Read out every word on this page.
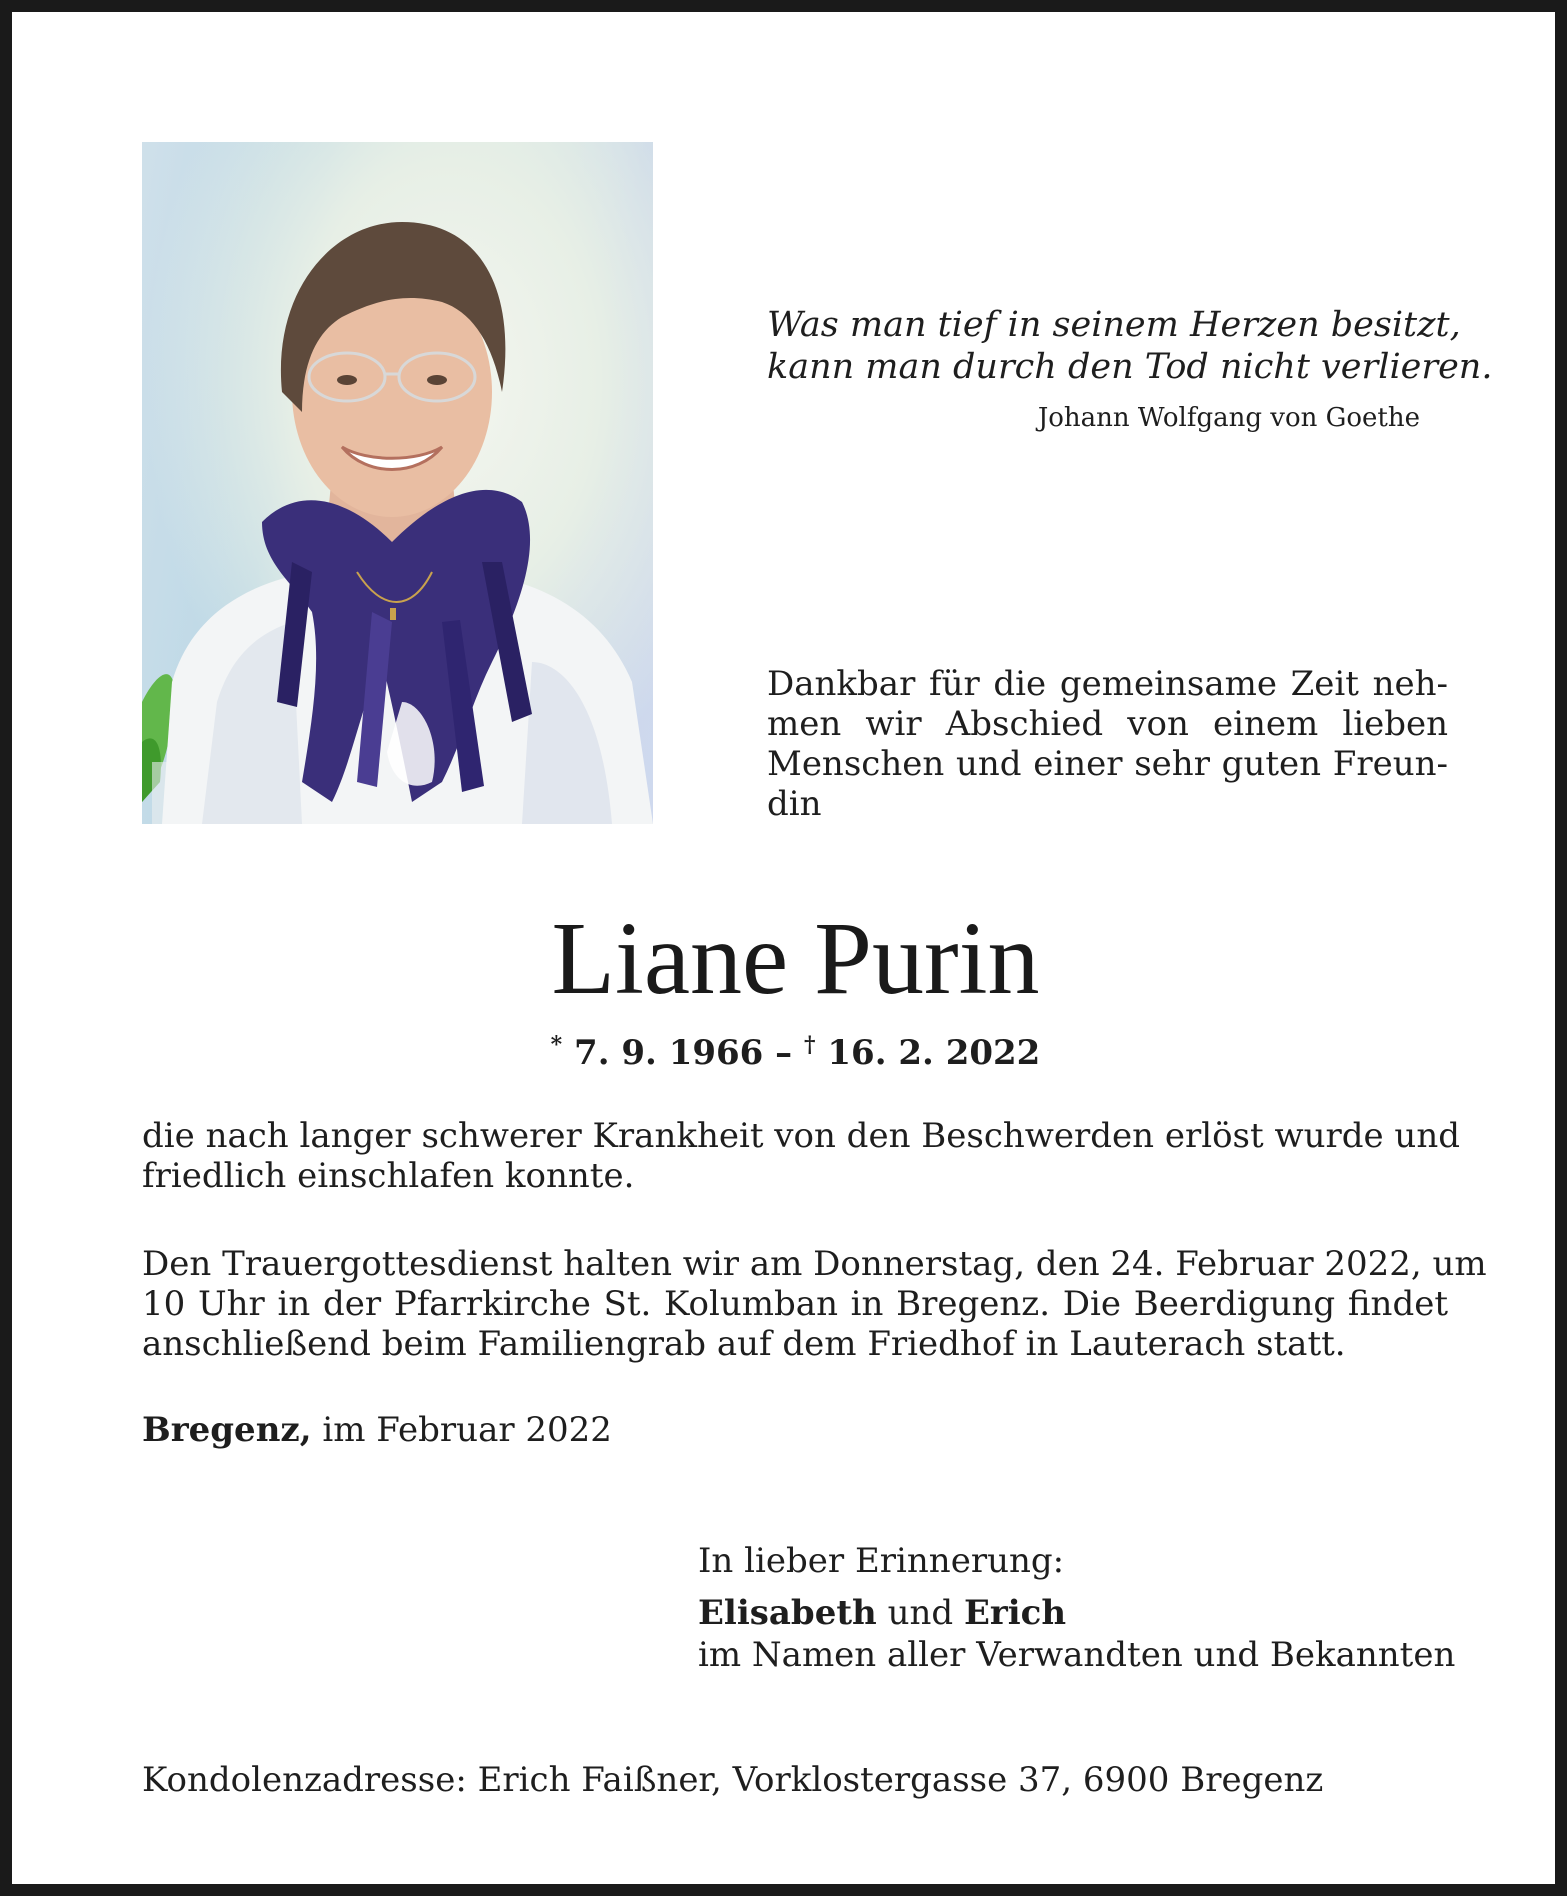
Was man tief in seinem Herzen besitzt,
kann man durch den Tod nicht verlieren.
Johann Wolfgang von Goethe
Dankbar für die gemeinsame Zeit neh-
men wir Abschied von einem lieben
Menschen und einer sehr guten Freun-
din
Liane Purin
* 7. 9. 1966 – † 16. 2. 2022
die nach langer schwerer Krankheit von den Beschwerden erlöst wurde und
friedlich einschlafen konnte.
Den Trauergottesdienst halten wir am Donnerstag, den 24. Februar 2022, um
10 Uhr in der Pfarrkirche St. Kolumban in Bregenz. Die Beerdigung findet
anschließend beim Familiengrab auf dem Friedhof in Lauterach statt.
Bregenz, im Februar 2022
In lieber Erinnerung:
Elisabeth und Erich
im Namen aller Verwandten und Bekannten
Kondolenzadresse: Erich Faißner, Vorklostergasse 37, 6900 Bregenz
